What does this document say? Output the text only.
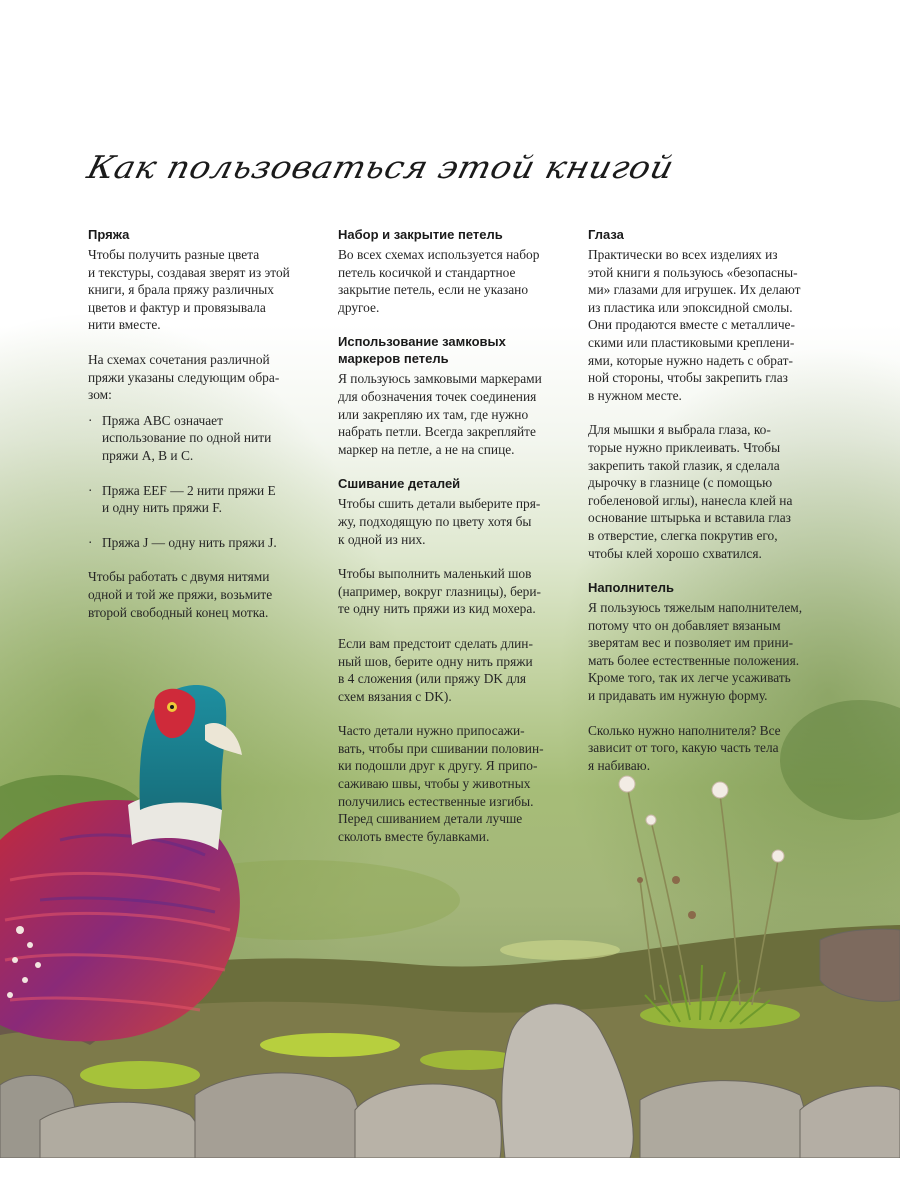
Как пользоваться этой книгой
Пряжа

Чтобы получить разные цвета
и текстуры, создавая зверят из этой
книги, я брала пряжу различных
цветов и фактур и провязывала
нити вместе.

На схемах сочетания различной
пряжи указаны следующим обра-
зом:

· Пряжа ABC означает
использование по одной нити
пряжи A, B и C.
· Пряжа EEF — 2 нити пряжи E
и одну нить пряжи F.
· Пряжа J — одну нить пряжи J.

Чтобы работать с двумя нитями
одной и той же пряжи, возьмите
второй свободный конец мотка.

Набор и закрытие петель

Во всех схемах используется набор
петель косичкой и стандартное
закрытие петель, если не указано
другое.

Использование замковых
маркеров петель

Я пользуюсь замковыми маркерами
для обозначения точек соединения
или закрепляю их там, где нужно
набрать петли. Всегда закрепляйте
маркер на петле, а не на спице.

Сшивание деталей

Чтобы сшить детали выберите пря-
жу, подходящую по цвету хотя бы
к одной из них.

Чтобы выполнить маленький шов
(например, вокруг глазницы), бери-
те одну нить пряжи из кид мохера.

Если вам предстоит сделать длин-
ный шов, берите одну нить пряжи
в 4 сложения (или пряжу DK для
схем вязания с DK).

Часто детали нужно припосажи-
вать, чтобы при сшивании половин-
ки подошли друг к другу. Я припо-
саживаю швы, чтобы у животных
получились естественные изгибы.
Перед сшиванием детали лучше
сколоть вместе булавками.

Глаза

Практически во всех изделиях из
этой книги я пользуюсь «безопасны-
ми» глазами для игрушек. Их делают
из пластика или эпоксидной смолы.
Они продаются вместе с металличе-
скими или пластиковыми креплени-
ями, которые нужно надеть с обрат-
ной стороны, чтобы закрепить глаз
в нужном месте.

Для мышки я выбрала глаза, ко-
торые нужно приклеивать. Чтобы
закрепить такой глазик, я сделала
дырочку в глазнице (с помощью
гобеленовой иглы), нанесла клей на
основание штырька и вставила глаз
в отверстие, слегка покрутив его,
чтобы клей хорошо схватился.

Наполнитель

Я пользуюсь тяжелым наполнителем,
потому что он добавляет вязаным
зверятам вес и позволяет им прини-
мать более естественные положения.
Кроме того, так их легче усаживать
и придавать им нужную форму.

Сколько нужно наполнителя? Все
зависит от того, какую часть тела
я набиваю.
